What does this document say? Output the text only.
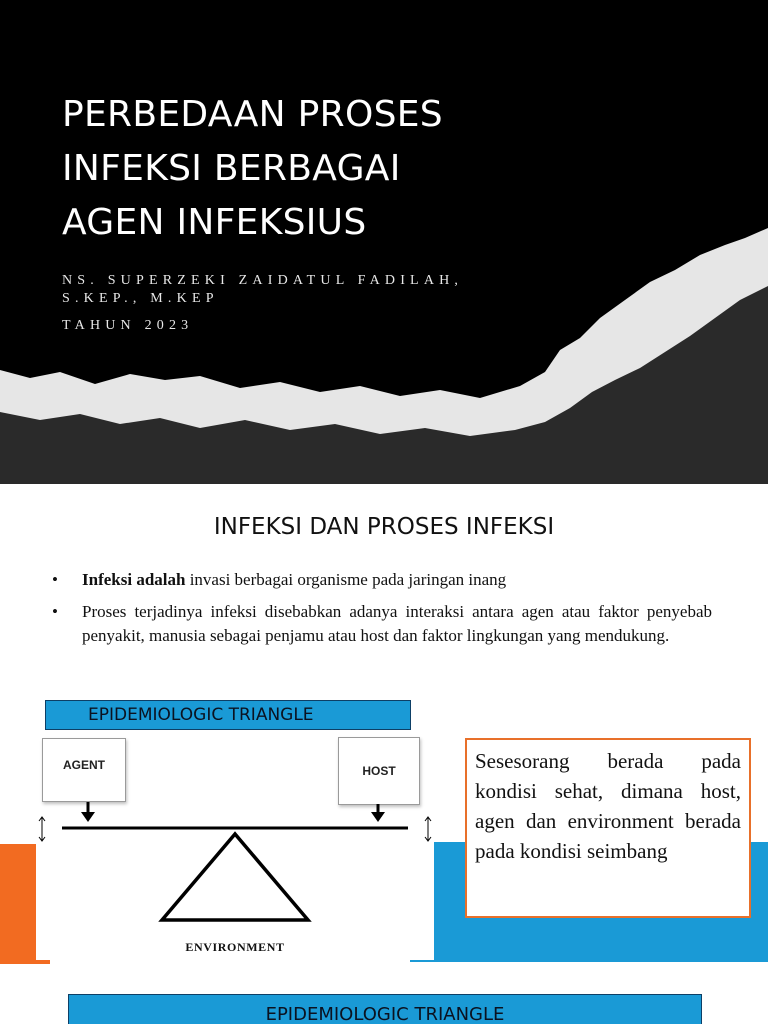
PERBEDAAN PROSES INFEKSI BERBAGAI AGEN INFEKSIUS

NS. SUPERZEKI ZAIDATUL FADILAH, S.KEP., M.KEP

TAHUN 2023

INFEKSI DAN PROSES INFEKSI
• Infeksi adalah invasi berbagai organisme pada jaringan inang
• Proses terjadinya infeksi disebabkan adanya interaksi antara agen atau faktor penyebab penyakit, manusia sebagai penjamu atau host dan faktor lingkungan yang mendukung.
EPIDEMIOLOGIC TRIANGLE
AGENT	HOST
ENVIRONMENT
Sesesorang berada pada kondisi sehat, dimana host, agen dan environment berada pada kondisi seimbang
EPIDEMIOLOGIC TRIANGLE
